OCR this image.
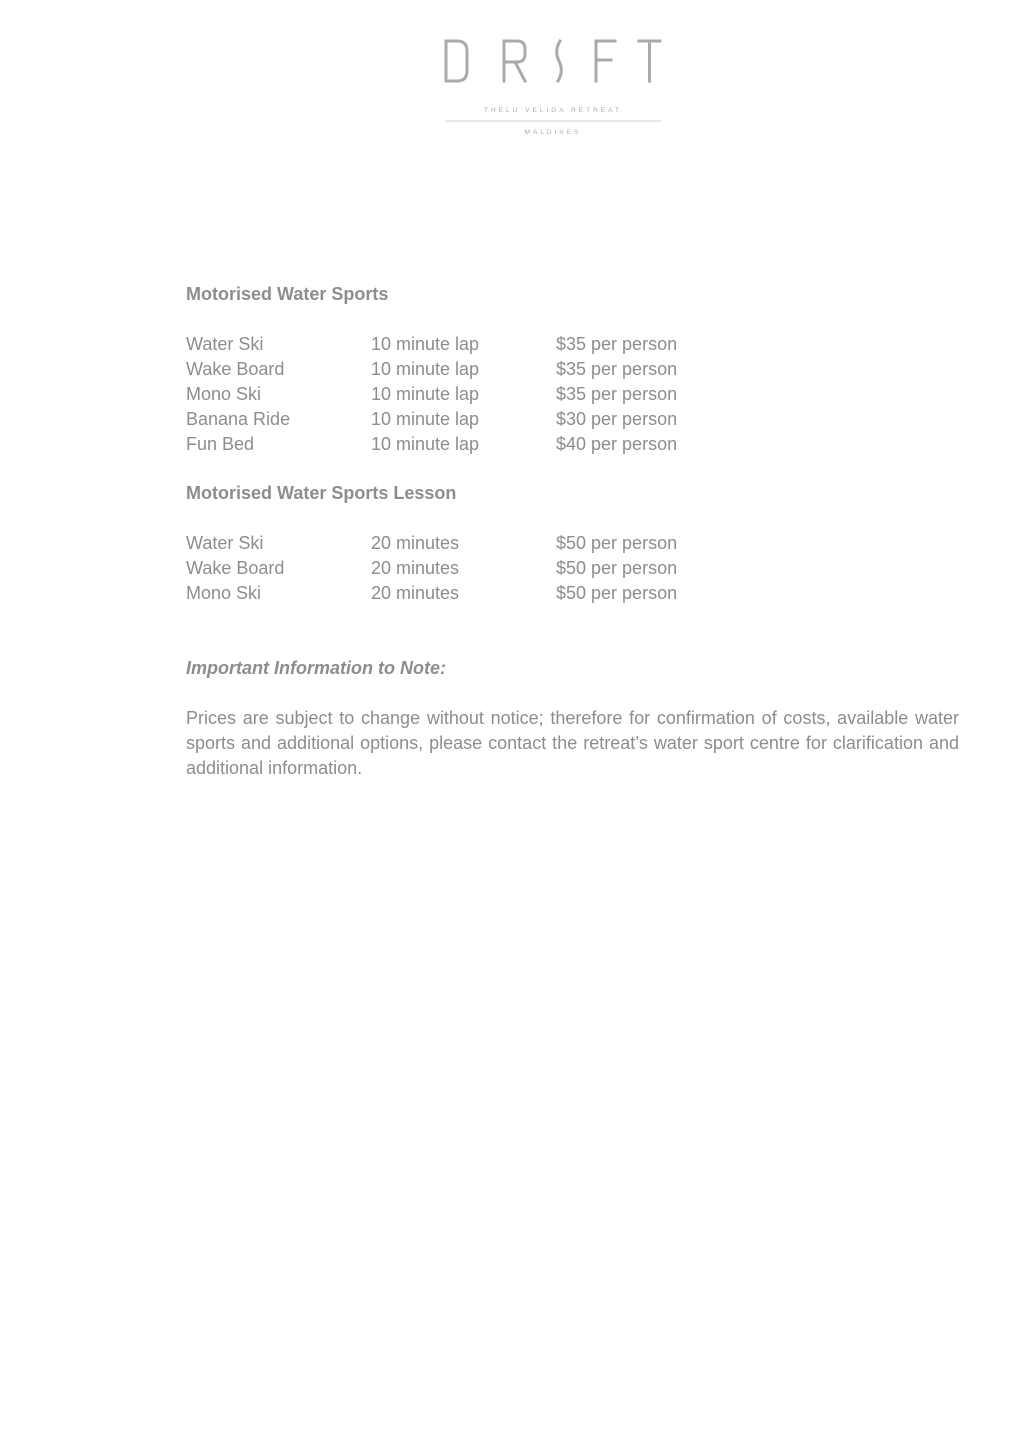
THELU VELIGA RETREAT
MALDIVES
Motorised Water Sports
Water Ski	10 minute lap	$35 per person
Wake Board	10 minute lap	$35 per person
Mono Ski	10 minute lap	$35 per person
Banana Ride	10 minute lap	$30 per person
Fun Bed	10 minute lap	$40 per person
Motorised Water Sports Lesson
Water Ski	20 minutes	$50 per person
Wake Board	20 minutes	$50 per person
Mono Ski	20 minutes	$50 per person
Important Information to Note:
Prices are subject to change without notice; therefore for confirmation of costs, available water sports and additional options, please contact the retreat’s water sport centre for clarification and additional information.
